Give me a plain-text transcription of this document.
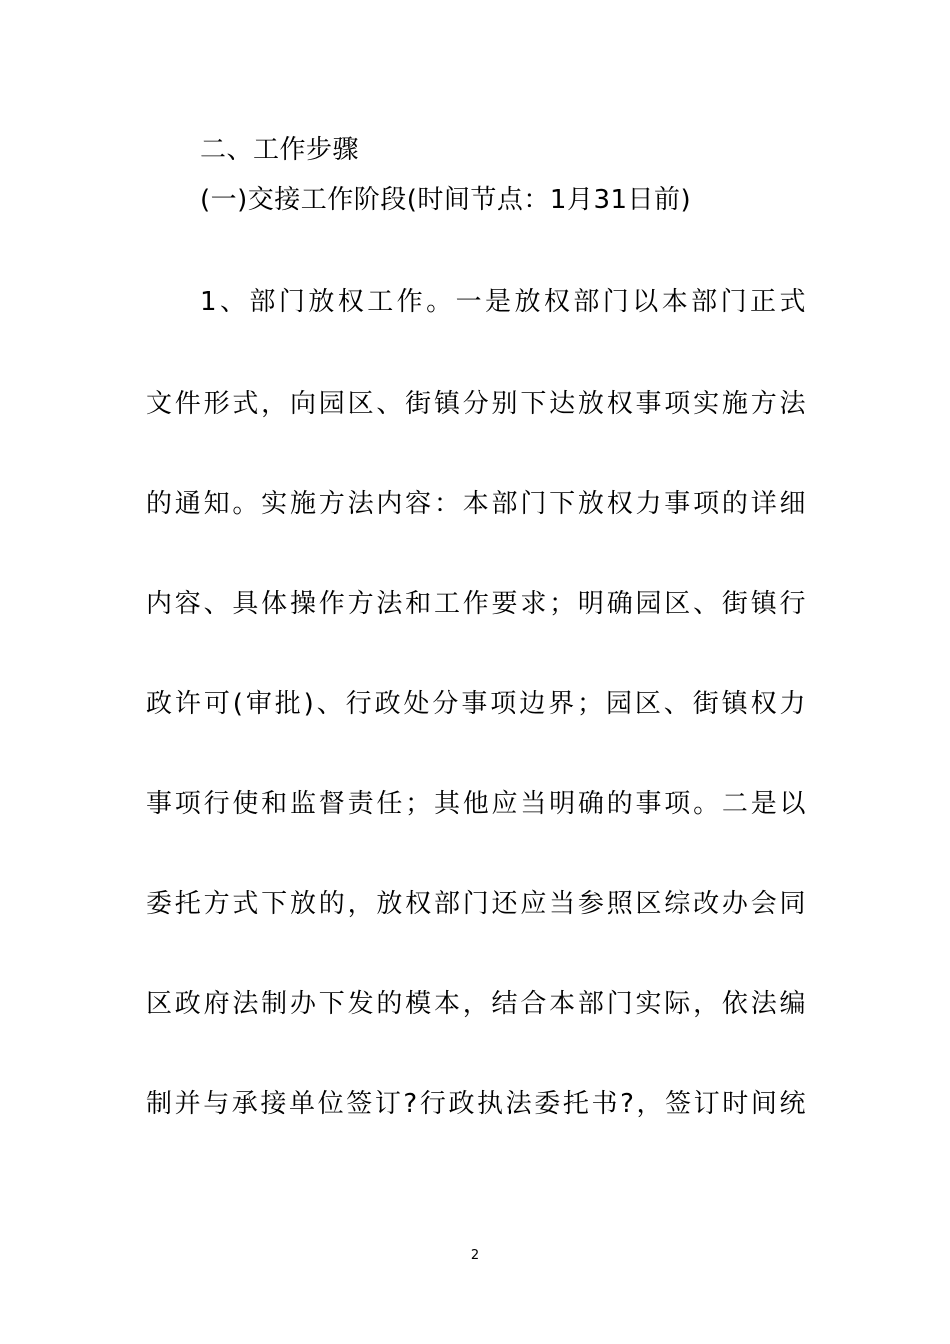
二、工作步骤
(一)交接工作阶段(时间节点：1月31日前)
1、部门放权工作。一是放权部门以本部门正式
文件形式，向园区、街镇分别下达放权事项实施方法
的通知。实施方法内容：本部门下放权力事项的详细
内容、具体操作方法和工作要求；明确园区、街镇行
政许可(审批)、行政处分事项边界；园区、街镇权力
事项行使和监督责任；其他应当明确的事项。二是以
委托方式下放的，放权部门还应当参照区综改办会同
区政府法制办下发的模本，结合本部门实际，依法编
制并与承接单位签订?行政执法委托书?，签订时间统
2
